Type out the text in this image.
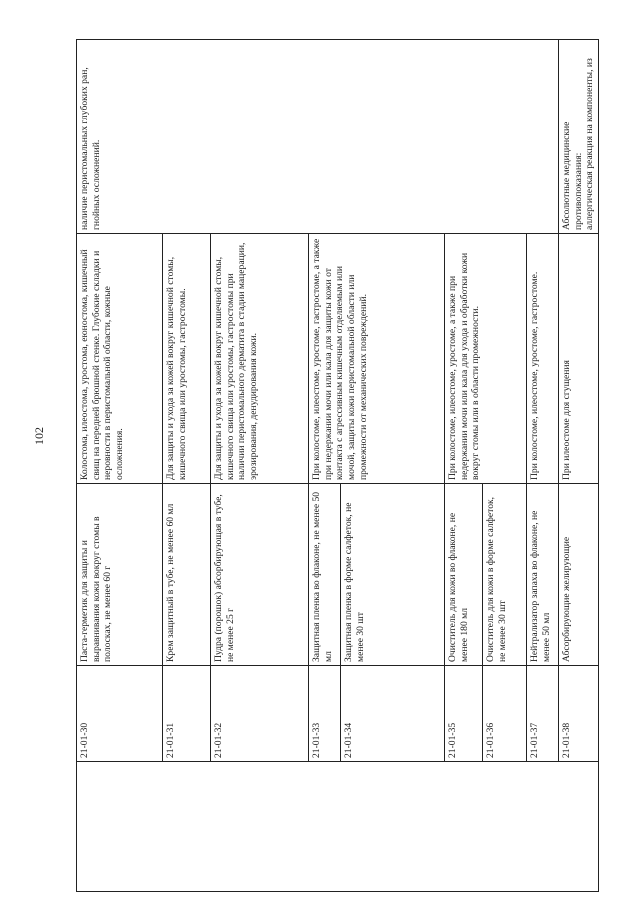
102
	21-01-30	Паста-герметик для защиты и выравнивания кожи вокруг стомы в полосках, не менее 60 г	Колостома, илеостома, уростома, еюностома, кишечный свищ на передней брюшной стенке. Глубокие складки и неровности в перистомальной области, кожные осложнения.	наличие перистомальных глубоких ран, гнойных осложнений.
	21-01-31	Крем защитный в тубе, не менее 60 мл	Для защиты и ухода за кожей вокруг кишечной стомы, кишечного свища или уростомы, гастростомы.	
	21-01-32	Пудра (порошок) абсорбирующая в тубе, не менее 25 г	Для защиты и ухода за кожей вокруг кишечной стомы, кишечного свища или уростомы, гастростомы при наличии перистомального дерматита в стадии мацерации, эрозирования, денудирования кожи.	
	21-01-33	Защитная пленка во флаконе, не менее 50 мл	При колостоме, илеостоме, уростоме, гастростоме, а также при недержании мочи или кала для защиты кожи от контакта с агрессивным кишечным отделяемым или мочой, защиты кожи перистомальной области или промежности от механических повреждений.	
	21-01-34	Защитная пленка в форме салфеток, не менее 30 шт		
	21-01-35	Очиститель для кожи во флаконе, не менее 180 мл	При колостоме, илеостоме, уростоме, а также при недержании мочи или кала для ухода и обработки кожи вокруг стомы или в области промежности.	
	21-01-36	Очиститель для кожи в форме салфеток, не менее 30 шт		
	21-01-37	Нейтрализатор запаха во флаконе, не менее 50 мл	При колостоме, илеостоме, уростоме, гастростоме.	
	21-01-38	Абсорбирующие желирующие	При илеостоме для сгущения	Абсолютные медицинские противопоказания: аллергическая реакция на компоненты, из
